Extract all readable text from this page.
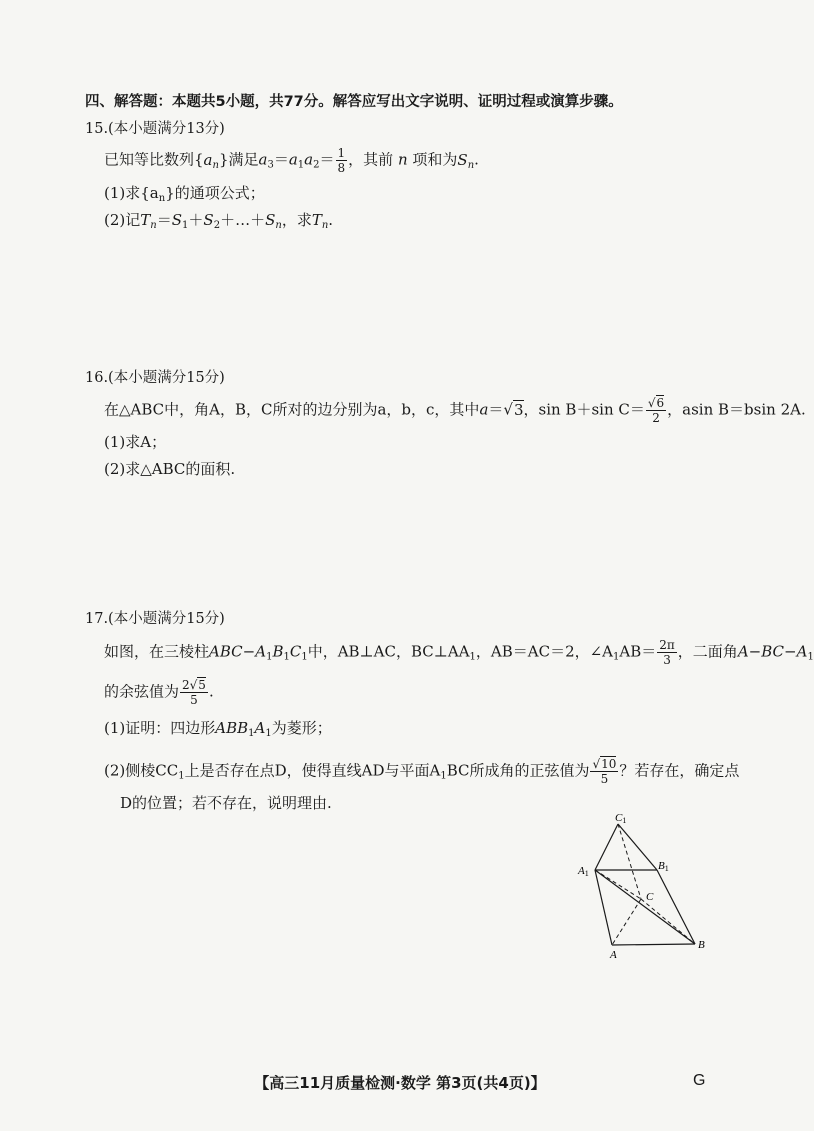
四、解答题：本题共5小题，共77分。解答应写出文字说明、证明过程或演算步骤。
15.(本小题满分13分)
已知等比数列$\{a_n\}$满足$a_3=a_1a_2= \frac{1}{8}$ ，其前 n 项和为$S_n$.
(1)求$\{a_n\}$的通项公式；
(2)记$T_n=S_1+S_2+\dots+S_n$，求$T_n$.
16.(本小题满分15分)
在△ABC中，角A，B，C所对的边分别为a，b，c，其中a＝√3，sin B＋sin $C= \frac{√6}{2}$ ，asin B＝bsin 2A.
(1)求A；
(2)求△ABC的面积.
17.(本小题满分15分)
如图，在三棱柱$ABC-A_1B_1C_1$中，AB⊥AC，$BC\perp AA_1$，AB＝AC＝2，$\angle A_1AB= \frac{2\pi}{3}$ ，二面角$A-BC-A_1$
的余弦值为 $\frac{2√5}{5}$ .
(1)证明：四边形$ABB_1A_1$为菱形；
(2)侧棱$CC_1$上是否存在点D，使得直线AD与平面$A_1BC$所成角的正弦值为 $\frac{√10}{5}$ ？若存在，确定点
D的位置；若不存在，说明理由.
C1
B1
A1
C
A
B
【高三11月质量检测·数学 第3页(共4页)】	G
